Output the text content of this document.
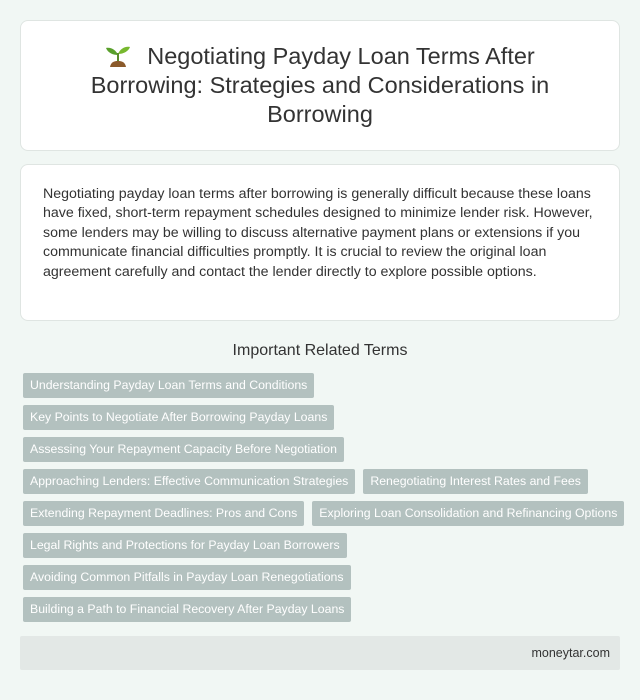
Negotiating Payday Loan Terms After Borrowing: Strategies and Considerations in Borrowing

Negotiating payday loan terms after borrowing is generally difficult because these loans have fixed, short-term repayment schedules designed to minimize lender risk. However, some lenders may be willing to discuss alternative payment plans or extensions if you communicate financial difficulties promptly. It is crucial to review the original loan agreement carefully and contact the lender directly to explore possible options.

Important Related Terms
Understanding Payday Loan Terms and Conditions
Key Points to Negotiate After Borrowing Payday Loans
Assessing Your Repayment Capacity Before Negotiation
Approaching Lenders: Effective Communication Strategies	Renegotiating Interest Rates and Fees
Extending Repayment Deadlines: Pros and Cons	Exploring Loan Consolidation and Refinancing Options
Legal Rights and Protections for Payday Loan Borrowers
Avoiding Common Pitfalls in Payday Loan Renegotiations
Building a Path to Financial Recovery After Payday Loans
moneytar.com
